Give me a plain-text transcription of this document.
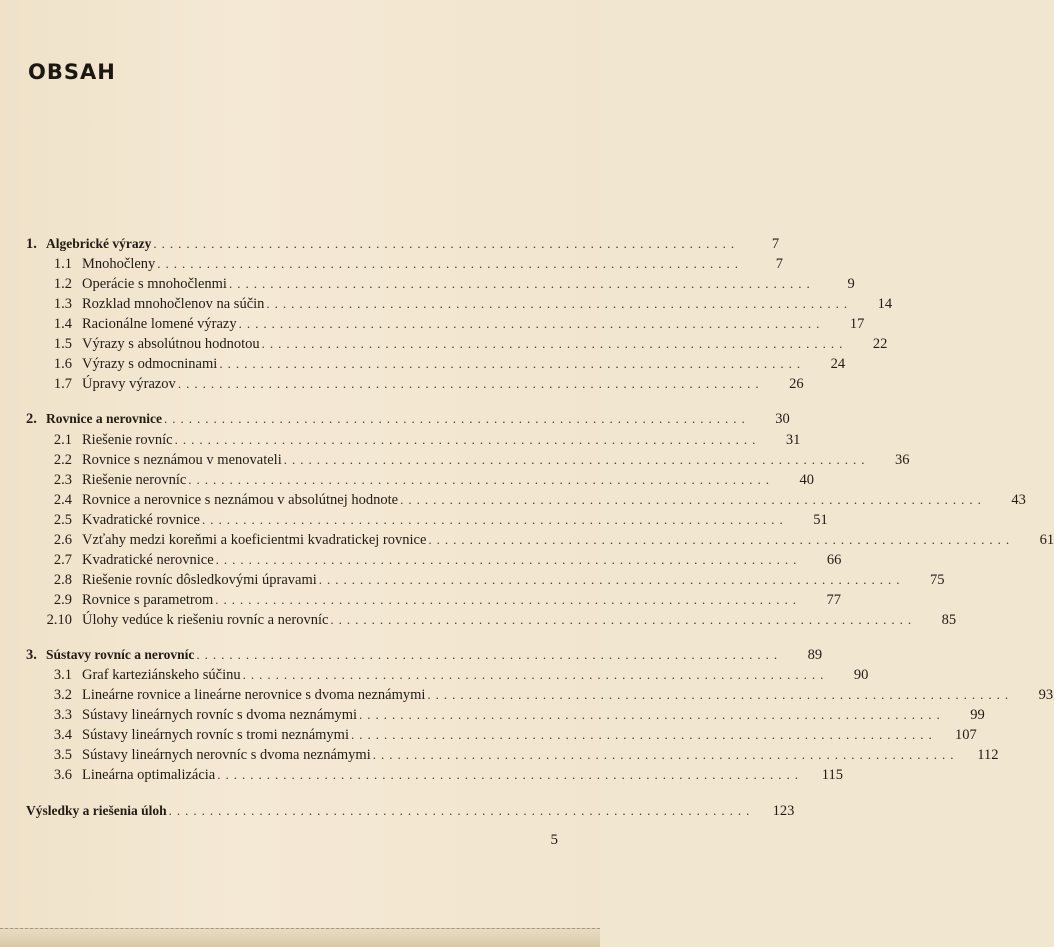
OBSAH
1. Algebrické výrazy .......................................................................	7
1.1 Mnohočleny .......................................................................	7
1.2 Operácie s mnohočlenmi .......................................................................	9
1.3 Rozklad mnohočlenov na súčin .......................................................................	14
1.4 Racionálne lomené výrazy .......................................................................	17
1.5 Výrazy s absolútnou hodnotou .......................................................................	22
1.6 Výrazy s odmocninami .......................................................................	24
1.7 Úpravy výrazov .......................................................................	26
2. Rovnice a nerovnice .......................................................................	30
2.1 Riešenie rovníc .......................................................................	31
2.2 Rovnice s neznámou v menovateli .......................................................................	36
2.3 Riešenie nerovníc .......................................................................	40
2.4 Rovnice a nerovnice s neznámou v absolútnej hodnote .......................................................................	43
2.5 Kvadratické rovnice .......................................................................	51
2.6 Vzťahy medzi koreňmi a koeficientmi kvadratickej rovnice .......................................................................	61
2.7 Kvadratické nerovnice .......................................................................	66
2.8 Riešenie rovníc dôsledkovými úpravami .......................................................................	75
2.9 Rovnice s parametrom .......................................................................	77
2.10 Úlohy vedúce k riešeniu rovníc a nerovníc .......................................................................	85
3. Sústavy rovníc a nerovníc .......................................................................	89
3.1 Graf karteziánskeho súčinu .......................................................................	90
3.2 Lineárne rovnice a lineárne nerovnice s dvoma neznámymi .......................................................................	93
3.3 Sústavy lineárnych rovníc s dvoma neznámymi .......................................................................	99
3.4 Sústavy lineárnych rovníc s tromi neznámymi .......................................................................	107
3.5 Sústavy lineárnych nerovníc s dvoma neznámymi .......................................................................	112
3.6 Lineárna optimalizácia .......................................................................	115
Výsledky a riešenia úloh .......................................................................	123
5
